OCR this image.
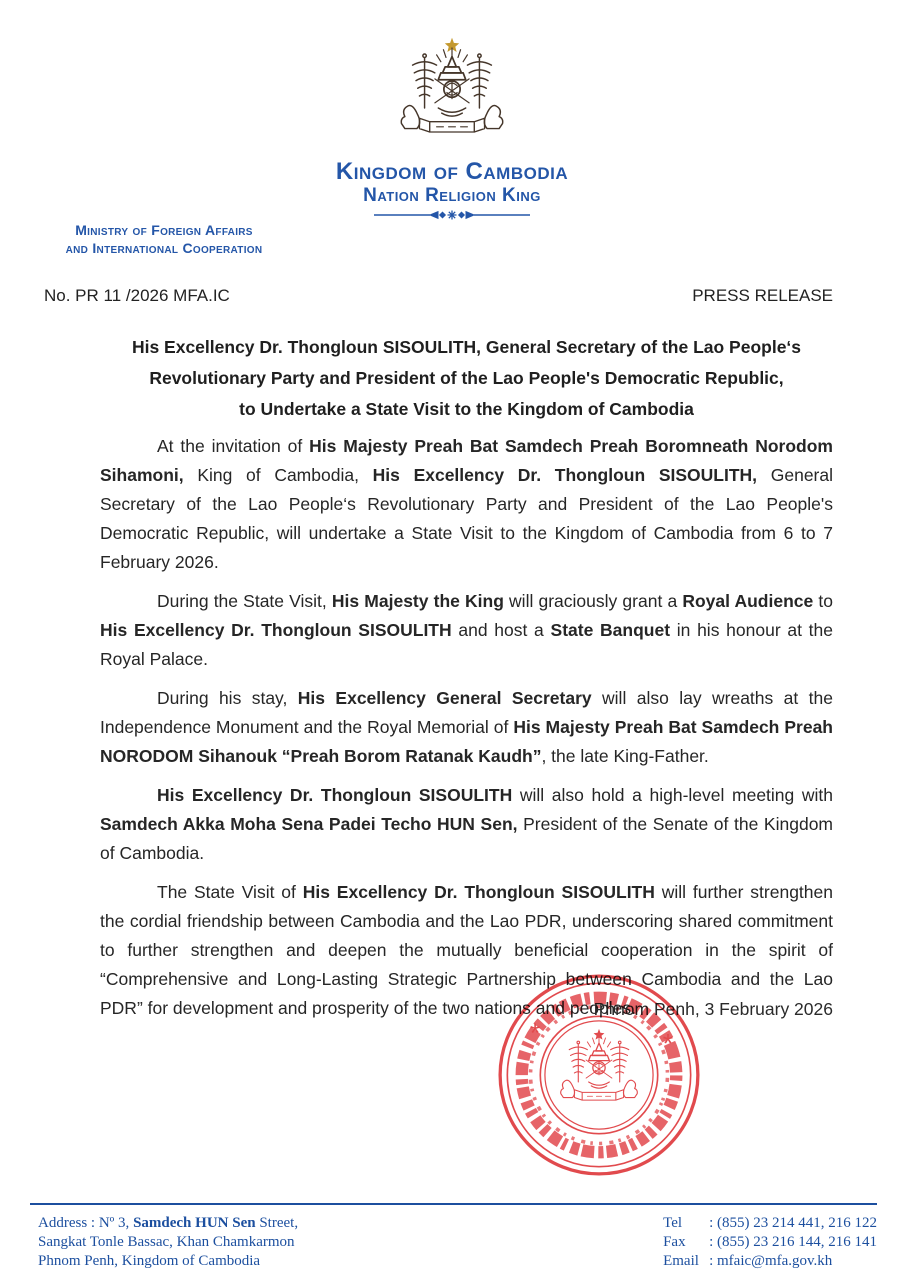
Kingdom of Cambodia
Nation Religion King
Ministry of Foreign Affairs
and International Cooperation
No. PR 11 /2026 MFA.IC	PRESS RELEASE
His Excellency Dr. Thongloun SISOULITH, General Secretary of the Lao People‘s
Revolutionary Party and President of the Lao People's Democratic Republic,
to Undertake a State Visit to the Kingdom of Cambodia

At the invitation of His Majesty Preah Bat Samdech Preah Boromneath Norodom Sihamoni, King of Cambodia, His Excellency Dr. Thongloun SISOULITH, General Secretary of the Lao People‘s Revolutionary Party and President of the Lao People's Democratic Republic, will undertake a State Visit to the Kingdom of Cambodia from 6 to 7 February 2026.

During the State Visit, His Majesty the King will graciously grant a Royal Audience to His Excellency Dr. Thongloun SISOULITH and host a State Banquet in his honour at the Royal Palace.

During his stay, His Excellency General Secretary will also lay wreaths at the Independence Monument and the Royal Memorial of His Majesty Preah Bat Samdech Preah NORODOM Sihanouk “Preah Borom Ratanak Kaudh”, the late King-Father.

His Excellency Dr. Thongloun SISOULITH will also hold a high-level meeting with Samdech Akka Moha Sena Padei Techo HUN Sen, President of the Senate of the Kingdom of Cambodia.

The State Visit of His Excellency Dr. Thongloun SISOULITH will further strengthen the cordial friendship between Cambodia and the Lao PDR, underscoring shared commitment to further strengthen and deepen the mutually beneficial cooperation in the spirit of “Comprehensive and Long-Lasting Strategic Partnership between Cambodia and the Lao PDR” for development and prosperity of the two nations and peoples.

Phnom Penh, 3 February 2026
*	*
Address : Nº 3, Samdech HUN Sen Street,
Sangkat Tonle Bassac, Khan Chamkarmon
Phnom Penh, Kingdom of Cambodia
Tel : (855) 23 214 441, 216 122
Fax : (855) 23 216 144, 216 141
Email : mfaic@mfa.gov.kh
